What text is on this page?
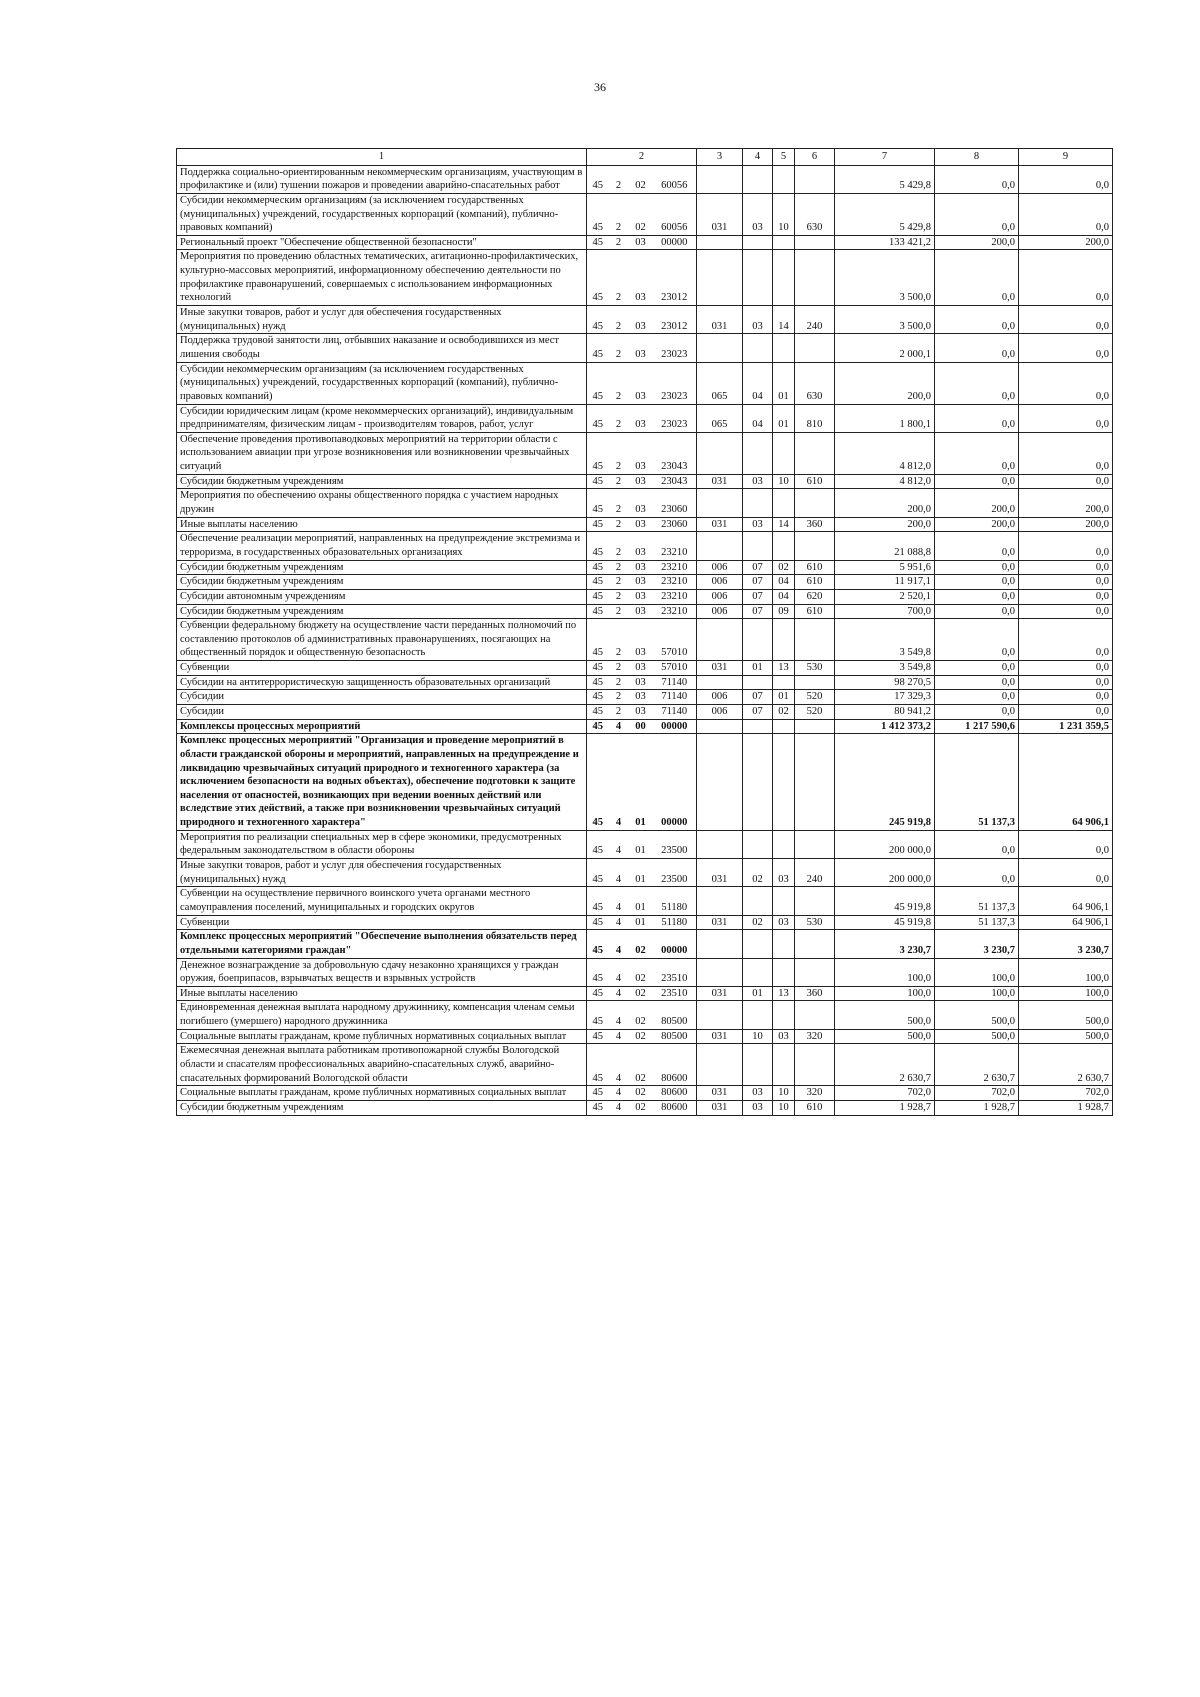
36
1	2				3	4	5	6	7	8	9
Поддержка социально-ориентированным некоммерческим организациям, участвующим в профилактике и (или) тушении пожаров и проведении аварийно-спасательных работ	45	2	02	60056					5 429,8	0,0	0,0
Субсидии некоммерческим организациям (за исключением государственных (муниципальных) учреждений, государственных корпораций (компаний), публично-правовых компаний)	45	2	02	60056	031	03	10	630	5 429,8	0,0	0,0
Региональный проект "Обеспечение общественной безопасности"	45	2	03	00000					133 421,2	200,0	200,0
Мероприятия по проведению областных тематических, агитационно-профилактических, культурно-массовых мероприятий, информационному обеспечению деятельности по профилактике правонарушений, совершаемых с использованием информационных технологий	45	2	03	23012					3 500,0	0,0	0,0
Иные закупки товаров, работ и услуг для обеспечения государственных (муниципальных) нужд	45	2	03	23012	031	03	14	240	3 500,0	0,0	0,0
Поддержка трудовой занятости лиц, отбывших наказание и освободившихся из мест лишения свободы	45	2	03	23023					2 000,1	0,0	0,0
Субсидии некоммерческим организациям (за исключением государственных (муниципальных) учреждений, государственных корпораций (компаний), публично-правовых компаний)	45	2	03	23023	065	04	01	630	200,0	0,0	0,0
Субсидии юридическим лицам (кроме некоммерческих организаций), индивидуальным предпринимателям, физическим лицам - производителям товаров, работ, услуг	45	2	03	23023	065	04	01	810	1 800,1	0,0	0,0
Обеспечение проведения противопаводковых мероприятий на территории области с использованием авиации при угрозе возникновения или возникновении чрезвычайных ситуаций	45	2	03	23043					4 812,0	0,0	0,0
Субсидии бюджетным учреждениям	45	2	03	23043	031	03	10	610	4 812,0	0,0	0,0
Мероприятия по обеспечению охраны общественного порядка с участием народных дружин	45	2	03	23060					200,0	200,0	200,0
Иные выплаты населению	45	2	03	23060	031	03	14	360	200,0	200,0	200,0
Обеспечение реализации мероприятий, направленных на предупреждение экстремизма и терроризма, в государственных образовательных организациях	45	2	03	23210					21 088,8	0,0	0,0
Субсидии бюджетным учреждениям	45	2	03	23210	006	07	02	610	5 951,6	0,0	0,0
Субсидии бюджетным учреждениям	45	2	03	23210	006	07	04	610	11 917,1	0,0	0,0
Субсидии автономным учреждениям	45	2	03	23210	006	07	04	620	2 520,1	0,0	0,0
Субсидии бюджетным учреждениям	45	2	03	23210	006	07	09	610	700,0	0,0	0,0
Субвенции федеральному бюджету на осуществление части переданных полномочий по составлению протоколов об административных правонарушениях, посягающих на общественный порядок и общественную безопасность	45	2	03	57010					3 549,8	0,0	0,0
Субвенции	45	2	03	57010	031	01	13	530	3 549,8	0,0	0,0
Субсидии на антитеррористическую защищенность образовательных организаций	45	2	03	71140					98 270,5	0,0	0,0
Субсидии	45	2	03	71140	006	07	01	520	17 329,3	0,0	0,0
Субсидии	45	2	03	71140	006	07	02	520	80 941,2	0,0	0,0
Комплексы процессных мероприятий	45	4	00	00000					1 412 373,2	1 217 590,6	1 231 359,5
Комплекс процессных мероприятий "Организация и проведение мероприятий в области гражданской обороны и мероприятий, направленных на предупреждение и ликвидацию чрезвычайных ситуаций природного и техногенного характера (за исключением безопасности на водных объектах), обеспечение подготовки к защите населения от опасностей, возникающих при ведении военных действий или вследствие этих действий, а также при возникновении чрезвычайных ситуаций природного и техногенного характера"	45	4	01	00000					245 919,8	51 137,3	64 906,1
Мероприятия по реализации специальных мер в сфере экономики, предусмотренных федеральным законодательством в области обороны	45	4	01	23500					200 000,0	0,0	0,0
Иные закупки товаров, работ и услуг для обеспечения государственных (муниципальных) нужд	45	4	01	23500	031	02	03	240	200 000,0	0,0	0,0
Субвенции на осуществление первичного воинского учета органами местного самоуправления поселений, муниципальных и городских округов	45	4	01	51180					45 919,8	51 137,3	64 906,1
Субвенции	45	4	01	51180	031	02	03	530	45 919,8	51 137,3	64 906,1
Комплекс процессных мероприятий "Обеспечение выполнения обязательств перед отдельными категориями граждан"	45	4	02	00000					3 230,7	3 230,7	3 230,7
Денежное вознаграждение за добровольную сдачу незаконно хранящихся у граждан оружия, боеприпасов, взрывчатых веществ и взрывных устройств	45	4	02	23510					100,0	100,0	100,0
Иные выплаты населению	45	4	02	23510	031	01	13	360	100,0	100,0	100,0
Единовременная денежная выплата народному дружиннику, компенсация членам семьи погибшего (умершего) народного дружинника	45	4	02	80500					500,0	500,0	500,0
Социальные выплаты гражданам, кроме публичных нормативных социальных выплат	45	4	02	80500	031	10	03	320	500,0	500,0	500,0
Ежемесячная денежная выплата работникам противопожарной службы Вологодской области и спасателям профессиональных аварийно-спасательных служб, аварийно-спасательных формирований Вологодской области	45	4	02	80600					2 630,7	2 630,7	2 630,7
Социальные выплаты гражданам, кроме публичных нормативных социальных выплат	45	4	02	80600	031	03	10	320	702,0	702,0	702,0
Субсидии бюджетным учреждениям	45	4	02	80600	031	03	10	610	1 928,7	1 928,7	1 928,7
